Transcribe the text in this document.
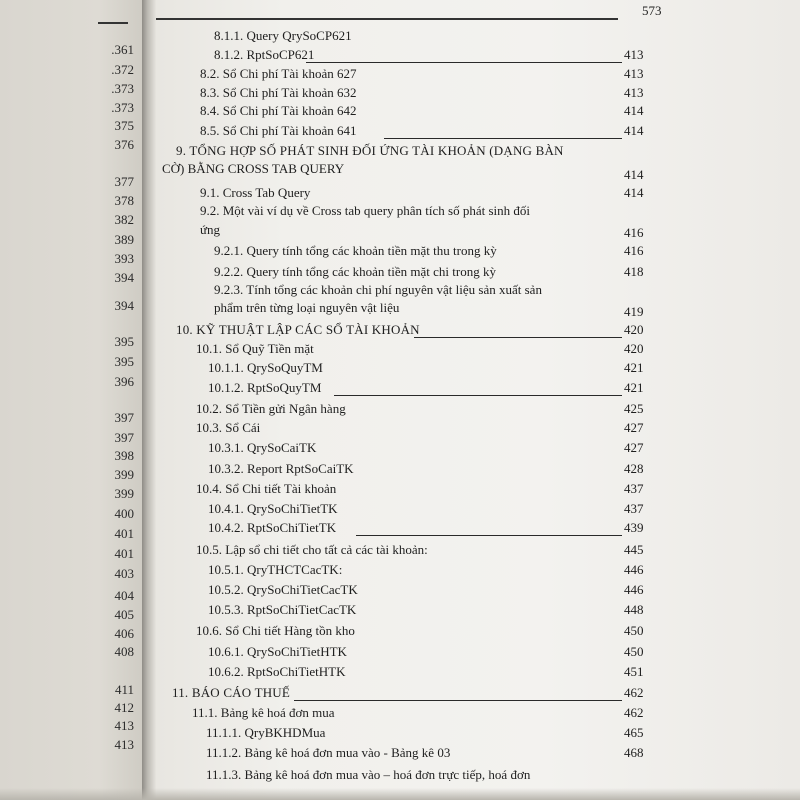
.361
.372
.373
.373
375
376
377
378
382
389
393
394
394
395
395
396
397
397
398
399
399
400
401
401
403
404
405
406
408
411
412
413
413
573
8.1.1. Query QrySoCP621
8.1.2. RptSoCP621	413
8.2. Sổ Chi phí Tài khoản 627	413
8.3. Sổ Chi phí Tài khoản 632	413
8.4. Sổ Chi phí Tài khoản 642	414
8.5. Sổ Chi phí Tài khoản 641	414
9. TỔNG HỢP SỐ PHÁT SINH ĐỐI ỨNG TÀI KHOẢN (DẠNG BÀN
CỜ) BẰNG CROSS TAB QUERY	414
9.1. Cross Tab Query	414
9.2. Một vài ví dụ về Cross tab query phân tích số phát sinh đối
ứng	416
9.2.1. Query tính tổng các khoản tiền mặt thu trong kỳ	416
9.2.2. Query tính tổng các khoản tiền mặt chi trong kỳ	418
9.2.3. Tính tổng các khoản chi phí nguyên vật liệu sản xuất sản
phẩm trên từng loại nguyên vật liệu	419
10. KỸ THUẬT LẬP CÁC SỔ TÀI KHOẢN	420
10.1. Sổ Quỹ Tiền mặt	420
10.1.1. QrySoQuyTM	421
10.1.2. RptSoQuyTM	421
10.2. Sổ Tiền gửi Ngân hàng	425
10.3. Sổ Cái	427
10.3.1. QrySoCaiTK	427
10.3.2. Report RptSoCaiTK	428
10.4. Sổ Chi tiết Tài khoản	437
10.4.1. QrySoChiTietTK	437
10.4.2. RptSoChiTietTK	439
10.5. Lập sổ chi tiết cho tất cả các tài khoản:	445
10.5.1. QryTHCTCacTK:	446
10.5.2. QrySoChiTietCacTK	446
10.5.3. RptSoChiTietCacTK	448
10.6. Sổ Chi tiết Hàng tồn kho	450
10.6.1. QrySoChiTietHTK	450
10.6.2. RptSoChiTietHTK	451
11. BÁO CÁO THUẾ	462
11.1. Bảng kê hoá đơn mua	462
11.1.1. QryBKHDMua	465
11.1.2. Bảng kê hoá đơn mua vào - Bảng kê 03	468
11.1.3. Bảng kê hoá đơn mua vào – hoá đơn trực tiếp, hoá đơn
